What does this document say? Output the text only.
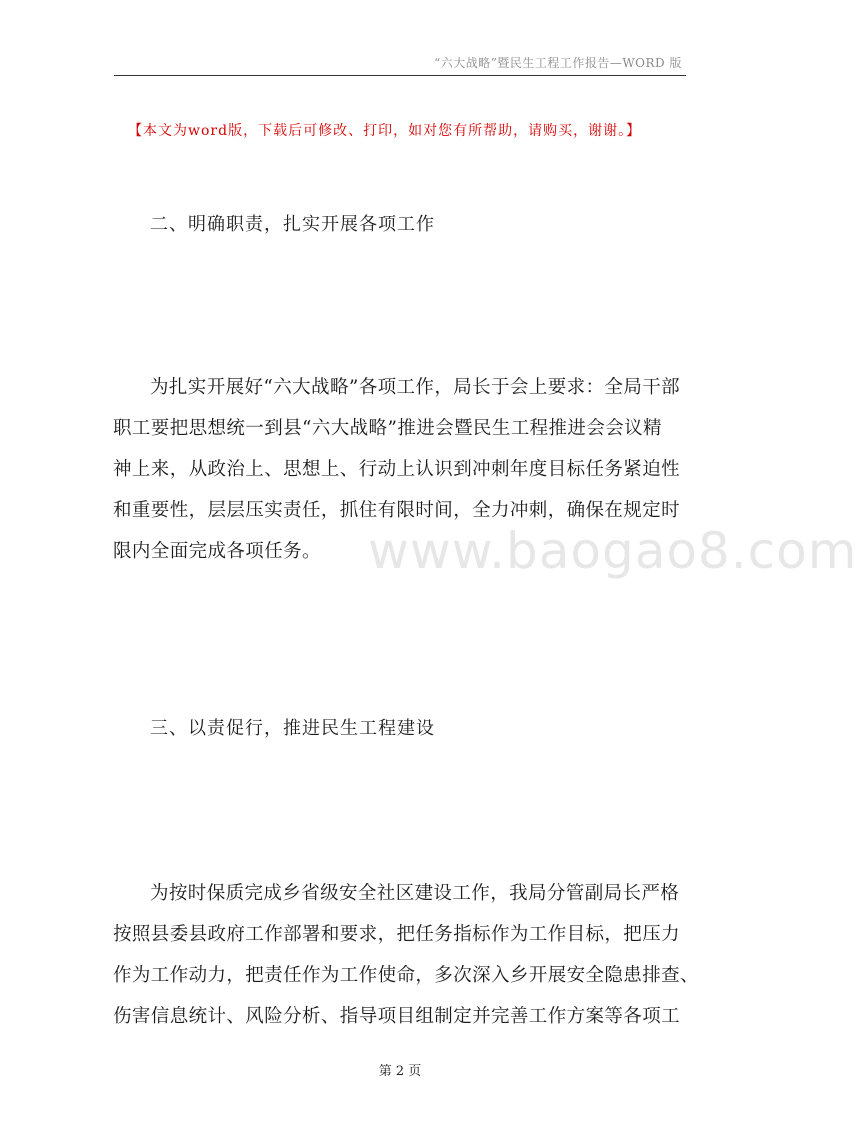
“六大战略”暨民生工程工作报告—WORD 版
【本文为word版，下载后可修改、打印，如对您有所帮助，请购买，谢谢。】
二、明确职责，扎实开展各项工作
为扎实开展好“六大战略”各项工作，局长于会上要求：全局干部
职工要把思想统一到县“六大战略”推进会暨民生工程推进会会议精
神上来，从政治上、思想上、行动上认识到冲刺年度目标任务紧迫性
和重要性，层层压实责任，抓住有限时间，全力冲刺，确保在规定时
限内全面完成各项任务。
三、以责促行，推进民生工程建设
为按时保质完成乡省级安全社区建设工作，我局分管副局长严格
按照县委县政府工作部署和要求，把任务指标作为工作目标，把压力
作为工作动力，把责任作为工作使命，多次深入乡开展安全隐患排查、
伤害信息统计、风险分析、指导项目组制定并完善工作方案等各项工
www.baogao8.com
第 2 页
